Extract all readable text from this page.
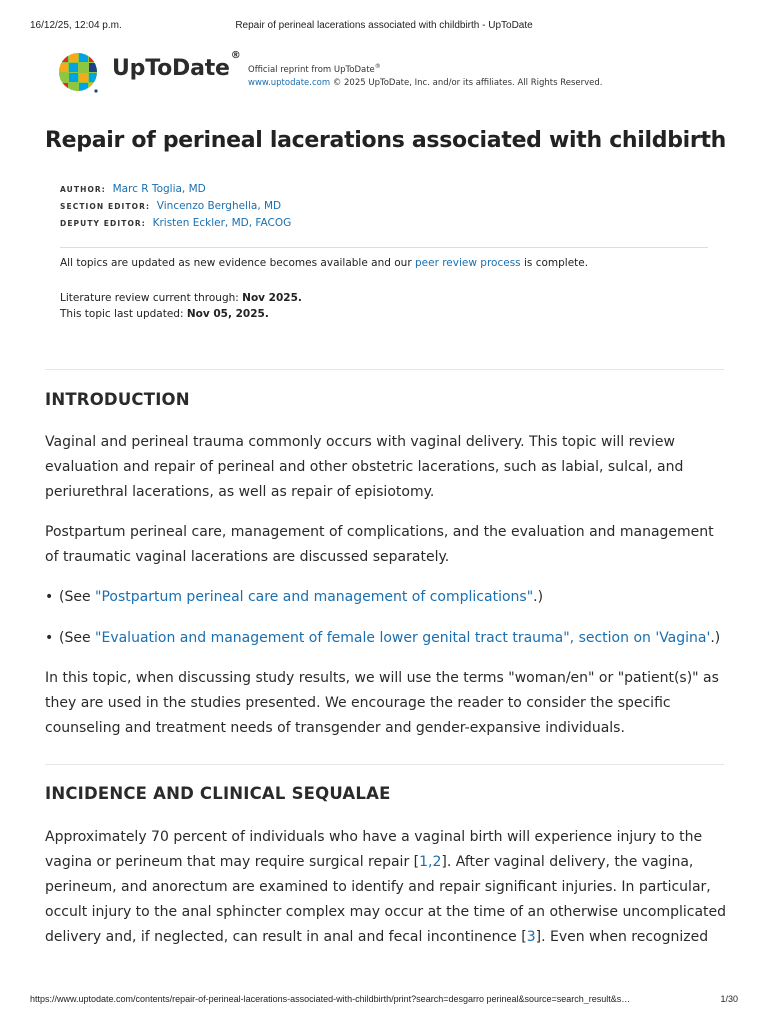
16/12/25, 12:04 p.m.	Repair of perineal lacerations associated with childbirth - UpToDate
UpToDate®
Official reprint from UpToDate®
www.uptodate.com © 2025 UpToDate, Inc. and/or its affiliates. All Rights Reserved.
Repair of perineal lacerations associated with childbirth
AUTHOR: Marc R Toglia, MD
SECTION EDITOR: Vincenzo Berghella, MD
DEPUTY EDITOR: Kristen Eckler, MD, FACOG
All topics are updated as new evidence becomes available and our peer review process is complete.
Literature review current through: Nov 2025.
This topic last updated: Nov 05, 2025.
INTRODUCTION
Vaginal and perineal trauma commonly occurs with vaginal delivery. This topic will review
evaluation and repair of perineal and other obstetric lacerations, such as labial, sulcal, and
periurethral lacerations, as well as repair of episiotomy.
Postpartum perineal care, management of complications, and the evaluation and management
of traumatic vaginal lacerations are discussed separately.
• (See "Postpartum perineal care and management of complications".)
• (See "Evaluation and management of female lower genital tract trauma", section on 'Vagina'.)
In this topic, when discussing study results, we will use the terms "woman/en" or "patient(s)" as
they are used in the studies presented. We encourage the reader to consider the specific
counseling and treatment needs of transgender and gender-expansive individuals.
INCIDENCE AND CLINICAL SEQUALAE
Approximately 70 percent of individuals who have a vaginal birth will experience injury to the
vagina or perineum that may require surgical repair [1,2]. After vaginal delivery, the vagina,
perineum, and anorectum are examined to identify and repair significant injuries. In particular,
occult injury to the anal sphincter complex may occur at the time of an otherwise uncomplicated
delivery and, if neglected, can result in anal and fecal incontinence [3]. Even when recognized
https://www.uptodate.com/contents/repair-of-perineal-lacerations-associated-with-childbirth/print?search=desgarro perineal&source=search_result&s…	1/30
